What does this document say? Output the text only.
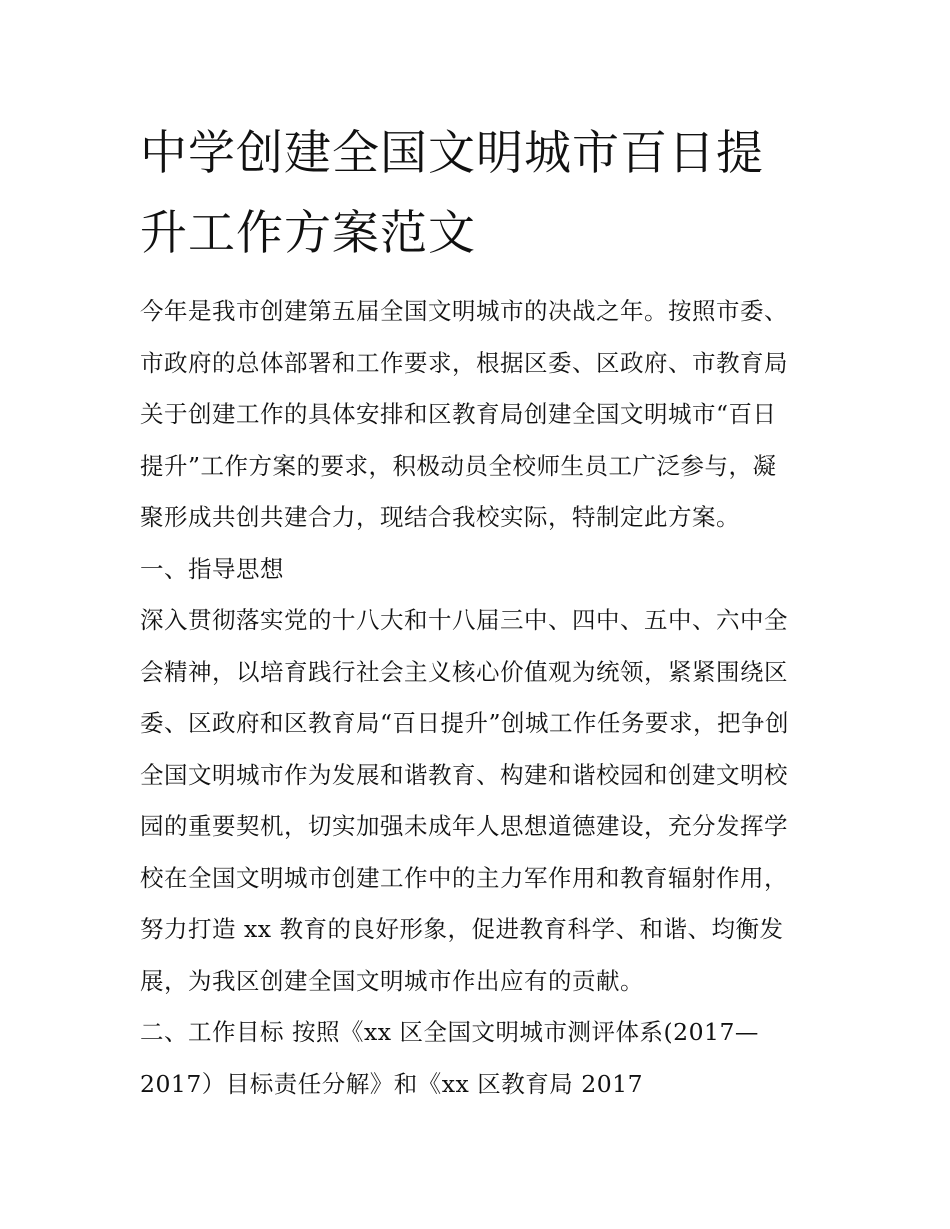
中学创建全国文明城市百日提
升工作方案范文
今年是我市创建第五届全国文明城市的决战之年。按照市委、
市政府的总体部署和工作要求，根据区委、区政府、市教育局
关于创建工作的具体安排和区教育局创建全国文明城市“百日
提升”工作方案的要求，积极动员全校师生员工广泛参与，凝
聚形成共创共建合力，现结合我校实际，特制定此方案。
一、指导思想
深入贯彻落实党的十八大和十八届三中、四中、五中、六中全
会精神，以培育践行社会主义核心价值观为统领，紧紧围绕区
委、区政府和区教育局“百日提升”创城工作任务要求，把争创
全国文明城市作为发展和谐教育、构建和谐校园和创建文明校
园的重要契机，切实加强未成年人思想道德建设，充分发挥学
校在全国文明城市创建工作中的主力军作用和教育辐射作用，
努力打造 xx 教育的良好形象，促进教育科学、和谐、均衡发
展，为我区创建全国文明城市作出应有的贡献。
二、工作目标 按照《xx 区全国文明城市测评体系(2017—
2017）目标责任分解》和《xx 区教育局 2017
